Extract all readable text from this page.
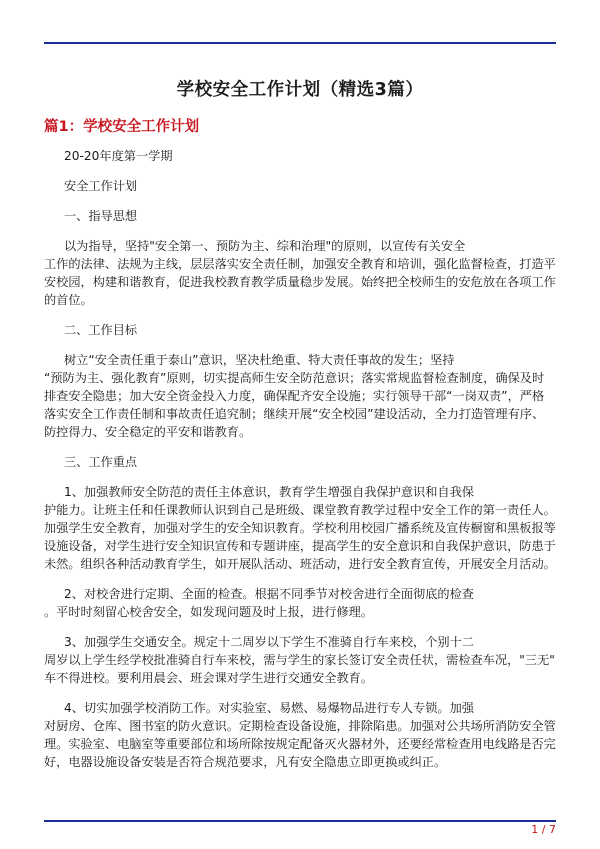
学校安全工作计划（精选3篇）
篇1：学校安全工作计划
20-20年度第一学期
安全工作计划
一、指导思想
以为指导，坚持"安全第一、预防为主、综和治理"的原则，以宣传有关安全
工作的法律、法规为主线，层层落实安全责任制，加强安全教育和培训，强化监督检查，打造平
安校园，构建和谐教育，促进我校教育教学质量稳步发展。始终把全校师生的安危放在各项工作
的首位。
二、工作目标
树立“安全责任重于泰山”意识，坚决杜绝重、特大责任事故的发生；坚持
“预防为主、强化教育”原则，切实提高师生安全防范意识；落实常规监督检查制度，确保及时
排查安全隐患；加大安全资金投入力度，确保配齐安全设施；实行领导干部“一岗双责”，严格
落实安全工作责任制和事故责任追究制；继续开展“安全校园”建设活动，全力打造管理有序、
防控得力、安全稳定的平安和谐教育。
三、工作重点
1、加强教师安全防范的责任主体意识，教育学生增强自我保护意识和自我保
护能力。让班主任和任课教师认识到自己是班级、课堂教育教学过程中安全工作的第一责任人。
加强学生安全教育，加强对学生的安全知识教育。学校利用校园广播系统及宣传橱窗和黑板报等
设施设备，对学生进行安全知识宣传和专题讲座，提高学生的安全意识和自我保护意识，防患于
未然。组织各种活动教育学生，如开展队活动、班活动，进行安全教育宣传，开展安全月活动。
2、对校舍进行定期、全面的检查。根据不同季节对校舍进行全面彻底的检查
。平时时刻留心校舍安全，如发现问题及时上报，进行修理。
3、加强学生交通安全。规定十二周岁以下学生不准骑自行车来校，个别十二
周岁以上学生经学校批准骑自行车来校，需与学生的家长签订安全责任状，需检查车况，"三无"
车不得进校。要利用晨会、班会课对学生进行交通安全教育。
4、切实加强学校消防工作。对实验室、易燃、易爆物品进行专人专锁。加强
对厨房、仓库、图书室的防火意识。定期检查设备设施，排除陷患。加强对公共场所消防安全管
理。实验室、电脑室等重要部位和场所除按规定配备灭火器材外，还要经常检查用电线路是否完
好，电器设施设备安装是否符合规范要求，凡有安全隐患立即更换或纠正。
1 / 7
